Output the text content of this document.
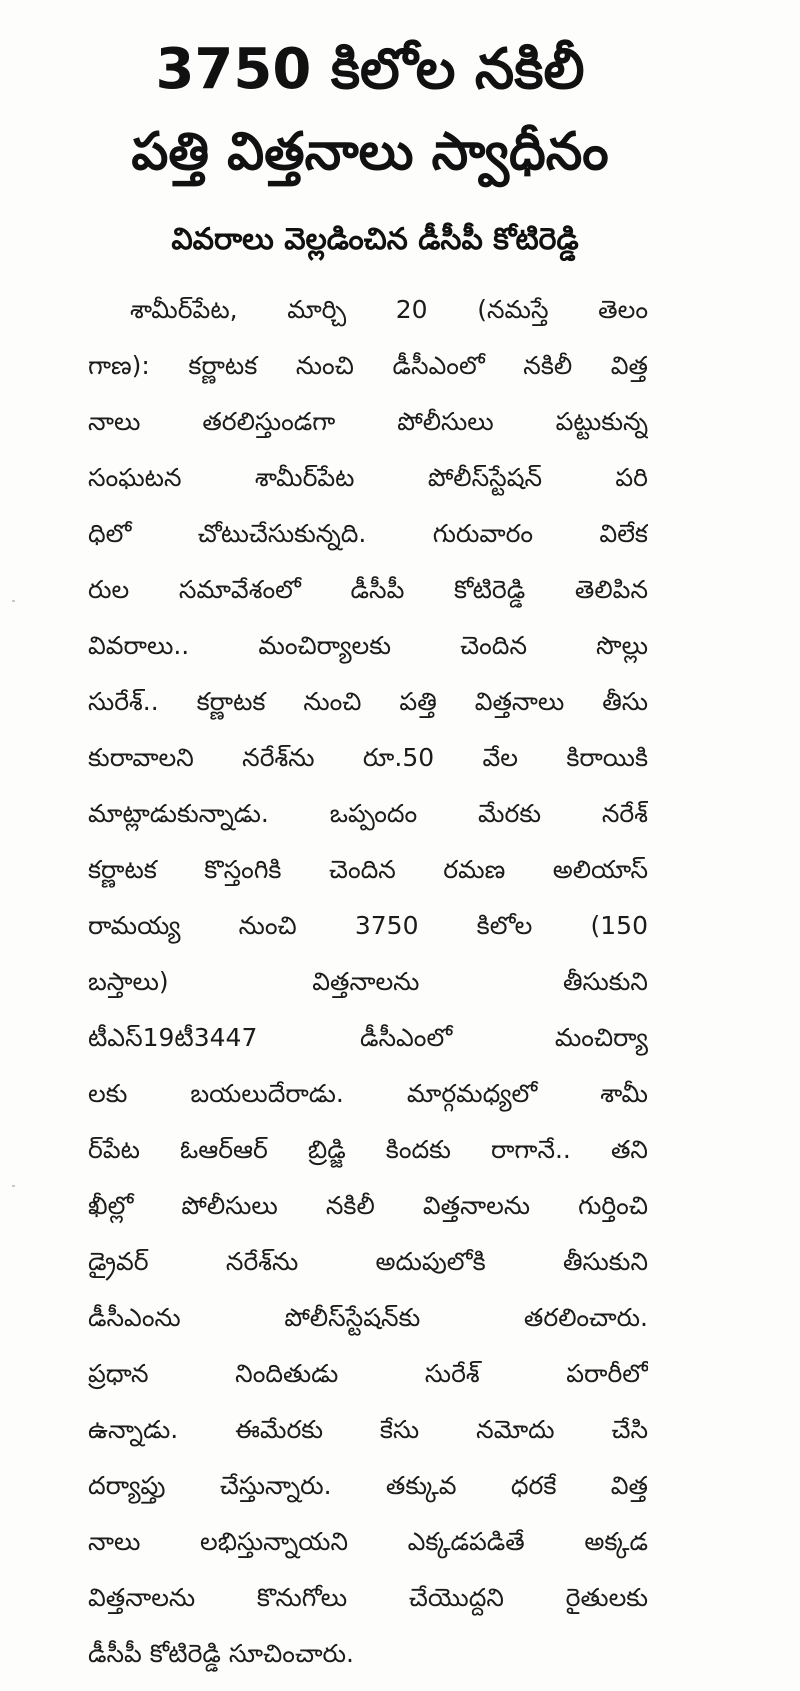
3750 కిలోల నకిలీ
పత్తి విత్తనాలు స్వాధీనం
వివరాలు వెల్లడించిన డీసీపీ కోటిరెడ్డి
శామీర్‌పేట, మార్చి 20 (నమస్తే తెలం
గాణ): కర్ణాటక నుంచి డీసీఎంలో నకిలీ విత్త
నాలు తరలిస్తుండగా పోలీసులు పట్టుకున్న
సంఘటన శామీర్‌పేట పోలీస్‌స్టేషన్ పరి
ధిలో చోటుచేసుకున్నది. గురువారం విలేక
రుల సమావేశంలో డీసీపీ కోటిరెడ్డి తెలిపిన
వివరాలు.. మంచిర్యాలకు చెందిన సొల్లు
సురేశ్.. కర్ణాటక నుంచి పత్తి విత్తనాలు తీసు
కురావాలని నరేశ్‌ను రూ.50 వేల కిరాయికి
మాట్లాడుకున్నాడు. ఒప్పందం మేరకు నరేశ్
కర్ణాటక కొస్తంగికి చెందిన రమణ అలియాస్
రామయ్య నుంచి 3750 కిలోల (150
బస్తాలు) విత్తనాలను తీసుకుని
టీఎస్19టీ3447 డీసీఎంలో మంచిర్యా
లకు బయలుదేరాడు. మార్గమధ్యలో శామీ
ర్‌పేట ఓఆర్‌ఆర్ బ్రిడ్జి కిందకు రాగానే.. తని
ఖీల్లో పోలీసులు నకిలీ విత్తనాలను గుర్తించి
డ్రైవర్ నరేశ్‌ను అదుపులోకి తీసుకుని
డీసీఎంను పోలీస్‌స్టేషన్‌కు తరలించారు.
ప్రధాన నిందితుడు సురేశ్ పరారీలో
ఉన్నాడు. ఈమేరకు కేసు నమోదు చేసి
దర్యాప్తు చేస్తున్నారు. తక్కువ ధరకే విత్త
నాలు లభిస్తున్నాయని ఎక్కడపడితే అక్కడ
విత్తనాలను కొనుగోలు చేయొద్దని రైతులకు
డీసీపీ కోటిరెడ్డి సూచించారు.
